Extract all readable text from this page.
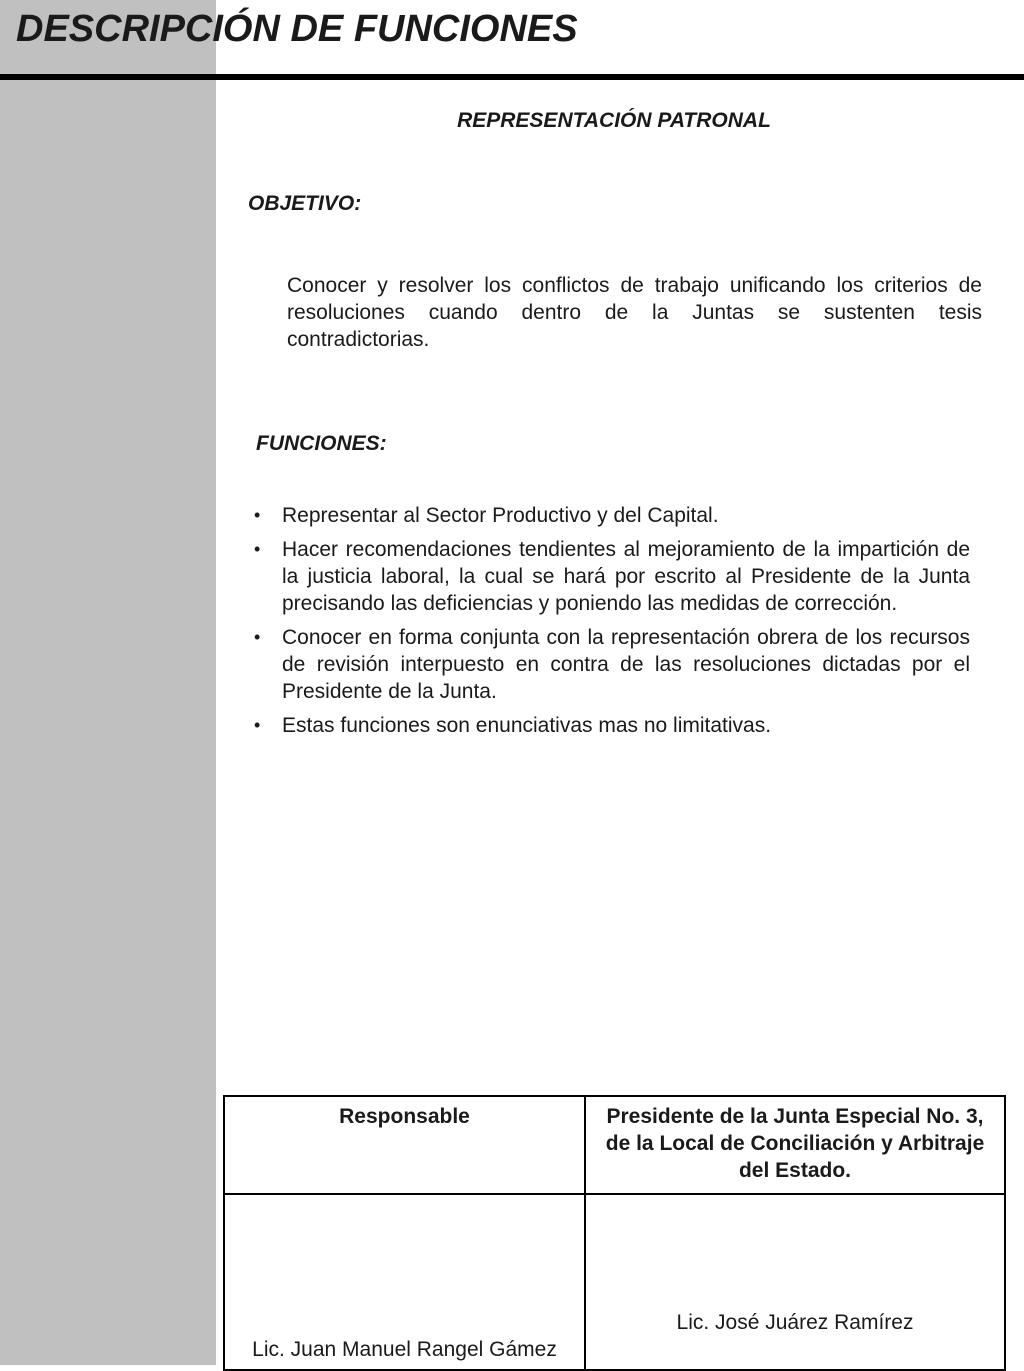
DESCRIPCIÓN DE FUNCIONES
REPRESENTACIÓN PATRONAL
OBJETIVO:

Conocer y resolver los conflictos de trabajo unificando los criterios de resoluciones cuando dentro de la Juntas se sustenten tesis contradictorias.

FUNCIONES:
• Representar al Sector Productivo y del Capital.
• Hacer recomendaciones tendientes al mejoramiento de la impartición de la justicia laboral, la cual se hará por escrito al Presidente de la Junta precisando las deficiencias y poniendo las medidas de corrección.
• Conocer en forma conjunta con la representación obrera de los recursos de revisión interpuesto en contra de las resoluciones dictadas por el Presidente de la Junta.
• Estas funciones son enunciativas mas no limitativas.
Responsable	Presidente de la Junta Especial No. 3, de la Local de Conciliación y Arbitraje del Estado.
Lic. Juan Manuel Rangel Gámez	Lic. José Juárez Ramírez
